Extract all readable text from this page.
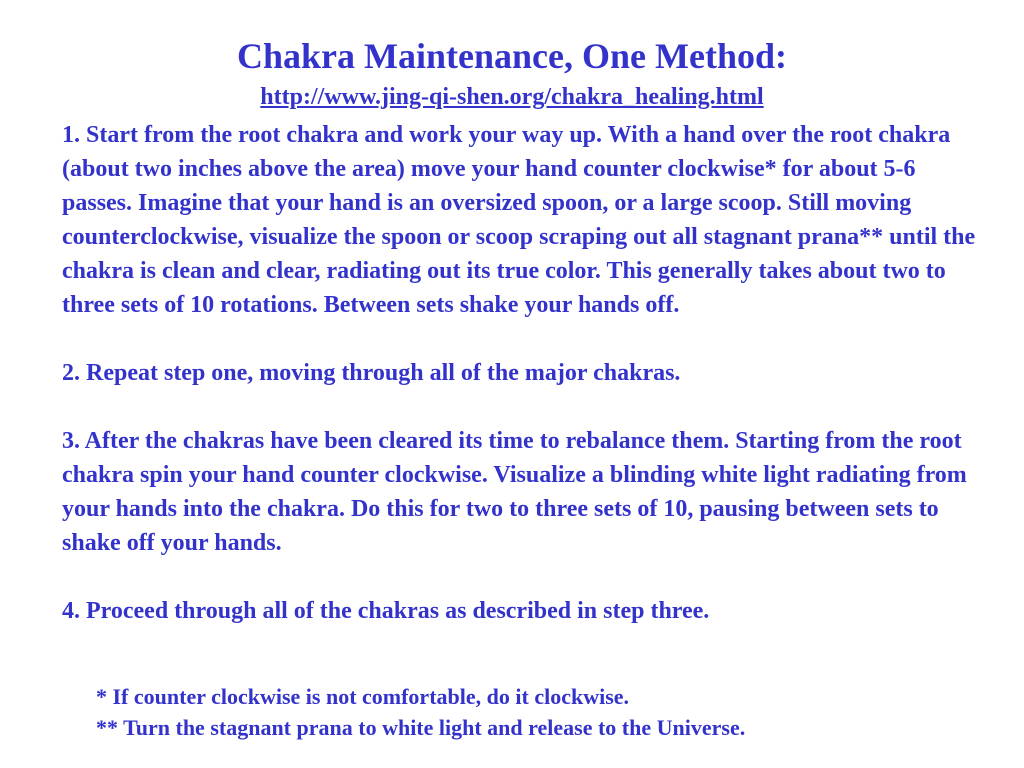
Chakra Maintenance, One Method:
http://www.jing-qi-shen.org/chakra_healing.html

1. Start from the root chakra and work your way up. With a hand over the root chakra (about two inches above the area) move your hand counter clockwise* for about 5-6 passes. Imagine that your hand is an oversized spoon, or a large scoop. Still moving counterclockwise, visualize the spoon or scoop scraping out all stagnant prana** until the chakra is clean and clear, radiating out its true color. This generally takes about two to three sets of 10 rotations. Between sets shake your hands off.

2. Repeat step one, moving through all of the major chakras.

3. After the chakras have been cleared its time to rebalance them. Starting from the root chakra spin your hand counter clockwise. Visualize a blinding white light radiating from your hands into the chakra. Do this for two to three sets of 10, pausing between sets to shake off your hands.

4. Proceed through all of the chakras as described in step three.

* If counter clockwise is not comfortable, do it clockwise.

** Turn the stagnant prana to white light and release to the Universe.
